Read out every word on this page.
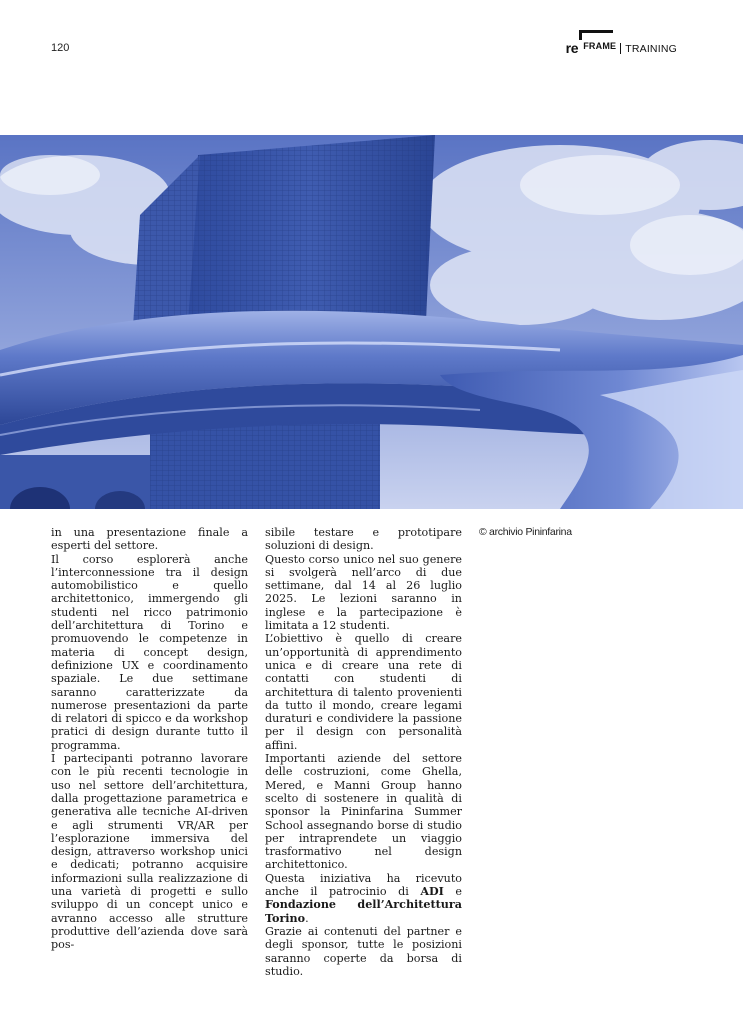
120	re FRAME TRAINING
© archivio Pininfarina

in una presentazione finale a esperti del settore.

Il corso esplorerà anche l’interconnessione tra il design automobilistico e quello architettonico, immergendo gli studenti nel ricco patrimonio dell’architettura di Torino e promuovendo le competenze in materia di concept design, definizione UX e coordinamento spaziale. Le due settimane saranno caratterizzate da numerose presentazioni da parte di relatori di spicco e da workshop pratici di design durante tutto il programma.

I partecipanti potranno lavorare con le più recenti tecnologie in uso nel settore dell’architettura, dalla progettazione parametrica e generativa alle tecniche AI-driven e agli strumenti VR/AR per l’esplorazione immersiva del design, attraverso workshop unici e dedicati; potranno acquisire informazioni sulla realizzazione di una varietà di progetti e sullo sviluppo di un concept unico e avranno accesso alle strutture produttive dell’azienda dove sarà pos-

sibile testare e prototipare soluzioni di design.

Questo corso unico nel suo genere si svolgerà nell’arco di due settimane, dal 14 al 26 luglio 2025. Le lezioni saranno in inglese e la partecipazione è limitata a 12 studenti.

L’obiettivo è quello di creare un’opportunità di apprendimento unica e di creare una rete di contatti con studenti di architettura di talento provenienti da tutto il mondo, creare legami duraturi e condividere la passione per il design con personalità affini.

Importanti aziende del settore delle costruzioni, come Ghella, Mered, e Manni Group hanno scelto di sostenere in qualità di sponsor la Pininfarina Summer School assegnando borse di studio per intraprendete un viaggio trasformativo nel design architettonico.

Questa iniziativa ha ricevuto anche il patrocinio di ADI e Fondazione dell’Architettura Torino.

Grazie ai contenuti del partner e degli sponsor, tutte le posizioni saranno coperte da borsa di studio.
